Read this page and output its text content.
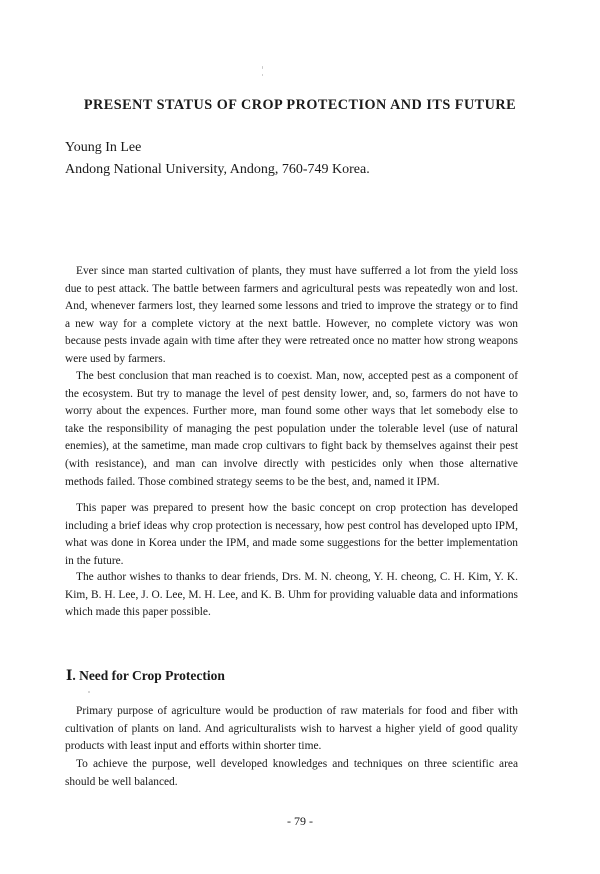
PRESENT STATUS OF CROP PROTECTION AND ITS FUTURE
Young In Lee
Andong National University, Andong, 760-749 Korea.
Ever since man started cultivation of plants, they must have sufferred a lot from the yield loss due to pest attack. The battle between farmers and agricultural pests was repeatedly won and lost. And, whenever farmers lost, they learned some lessons and tried to improve the strategy or to find a new way for a complete victory at the next battle. However, no complete victory was won because pests invade again with time after they were retreated once no matter how strong weapons were used by farmers.
The best conclusion that man reached is to coexist. Man, now, accepted pest as a component of the ecosystem. But try to manage the level of pest density lower, and, so, farmers do not have to worry about the expences. Further more, man found some other ways that let somebody else to take the responsibility of managing the pest population under the tolerable level (use of natural enemies), at the sametime, man made crop cultivars to fight back by themselves against their pest (with resistance), and man can involve directly with pesticides only when those alternative methods failed. Those combined strategy seems to be the best, and, named it IPM.
This paper was prepared to present how the basic concept on crop protection has developed including a brief ideas why crop protection is necessary, how pest control has developed upto IPM, what was done in Korea under the IPM, and made some suggestions for the better implementation in the future.
The author wishes to thanks to dear friends, Drs. M. N. cheong, Y. H. cheong, C. H. Kim, Y. K. Kim, B. H. Lee, J. O. Lee, M. H. Lee, and K. B. Uhm for providing valuable data and informations which made this paper possible.
Ⅰ. Need for Crop Protection
Primary purpose of agriculture would be production of raw materials for food and fiber with cultivation of plants on land. And agriculturalists wish to harvest a higher yield of good quality products with least input and efforts within shorter time.
To achieve the purpose, well developed knowledges and techniques on three scientific area should be well balanced.
- 79 -
